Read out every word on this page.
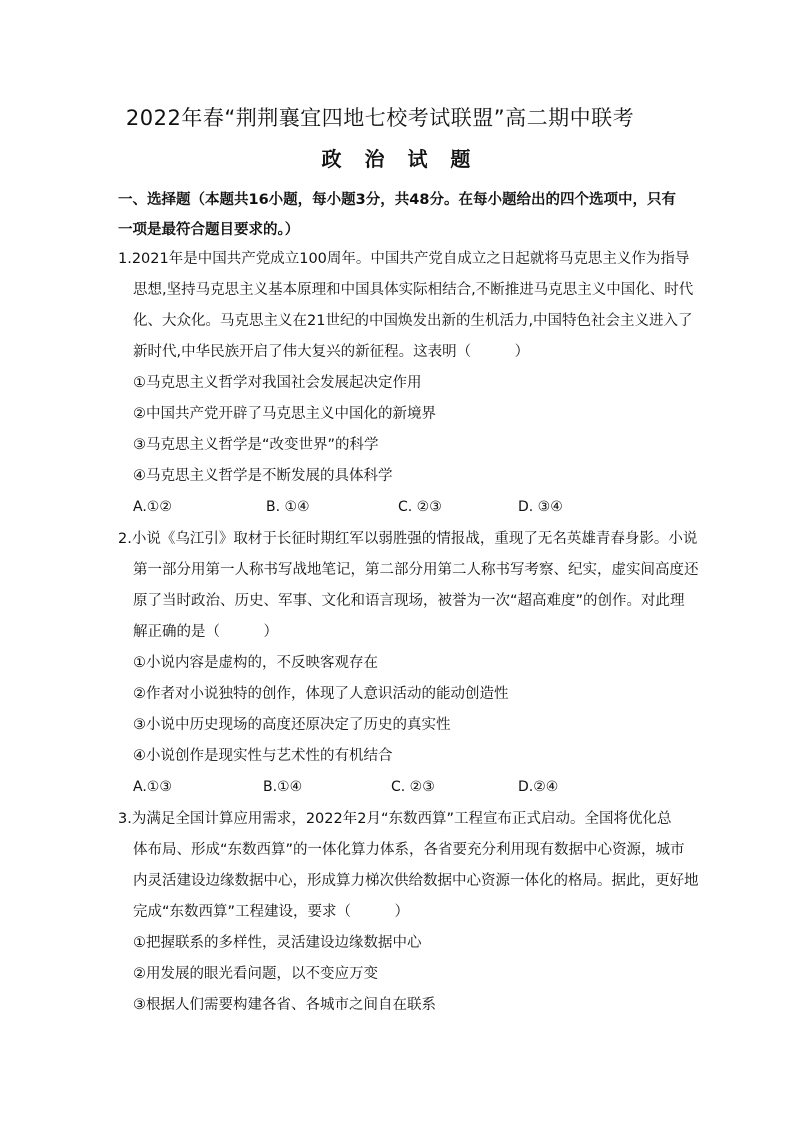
2022年春“荆荆襄宜四地七校考试联盟”高二期中联考
政 治 试 题
一、选择题（本题共16小题，每小题3分，共48分。在每小题给出的四个选项中，只有
一项是最符合题目要求的。）
1.2021年是中国共产党成立100周年。中国共产党自成立之日起就将马克思主义作为指导
思想,坚持马克思主义基本原理和中国具体实际相结合,不断推进马克思主义中国化、时代
化、大众化。马克思主义在21世纪的中国焕发出新的生机活力,中国特色社会主义进入了
新时代,中华民族开启了伟大复兴的新征程。这表明（　　　）
①马克思主义哲学对我国社会发展起决定作用
②中国共产党开辟了马克思主义中国化的新境界
③马克思主义哲学是“改变世界”的科学
④马克思主义哲学是不断发展的具体科学
A.①②	B. ①④	C. ②③	D. ③④
2.小说《乌江引》取材于长征时期红军以弱胜强的情报战，重现了无名英雄青春身影。小说
第一部分用第一人称书写战地笔记，第二部分用第二人称书写考察、纪实，虚实间高度还
原了当时政治、历史、军事、文化和语言现场，被誉为一次“超高难度”的创作。对此理
解正确的是（　　　）
①小说内容是虚构的，不反映客观存在
②作者对小说独特的创作，体现了人意识活动的能动创造性
③小说中历史现场的高度还原决定了历史的真实性
④小说创作是现实性与艺术性的有机结合
A.①③	B.①④	C. ②③	D.②④
3.为满足全国计算应用需求，2022年2月“东数西算”工程宣布正式启动。全国将优化总
体布局、形成“东数西算”的一体化算力体系，各省要充分利用现有数据中心资源，城市
内灵活建设边缘数据中心，形成算力梯次供给数据中心资源一体化的格局。据此，更好地
完成“东数西算”工程建设，要求（　　　）
①把握联系的多样性，灵活建设边缘数据中心
②用发展的眼光看问题，以不变应万变
③根据人们需要构建各省、各城市之间自在联系
